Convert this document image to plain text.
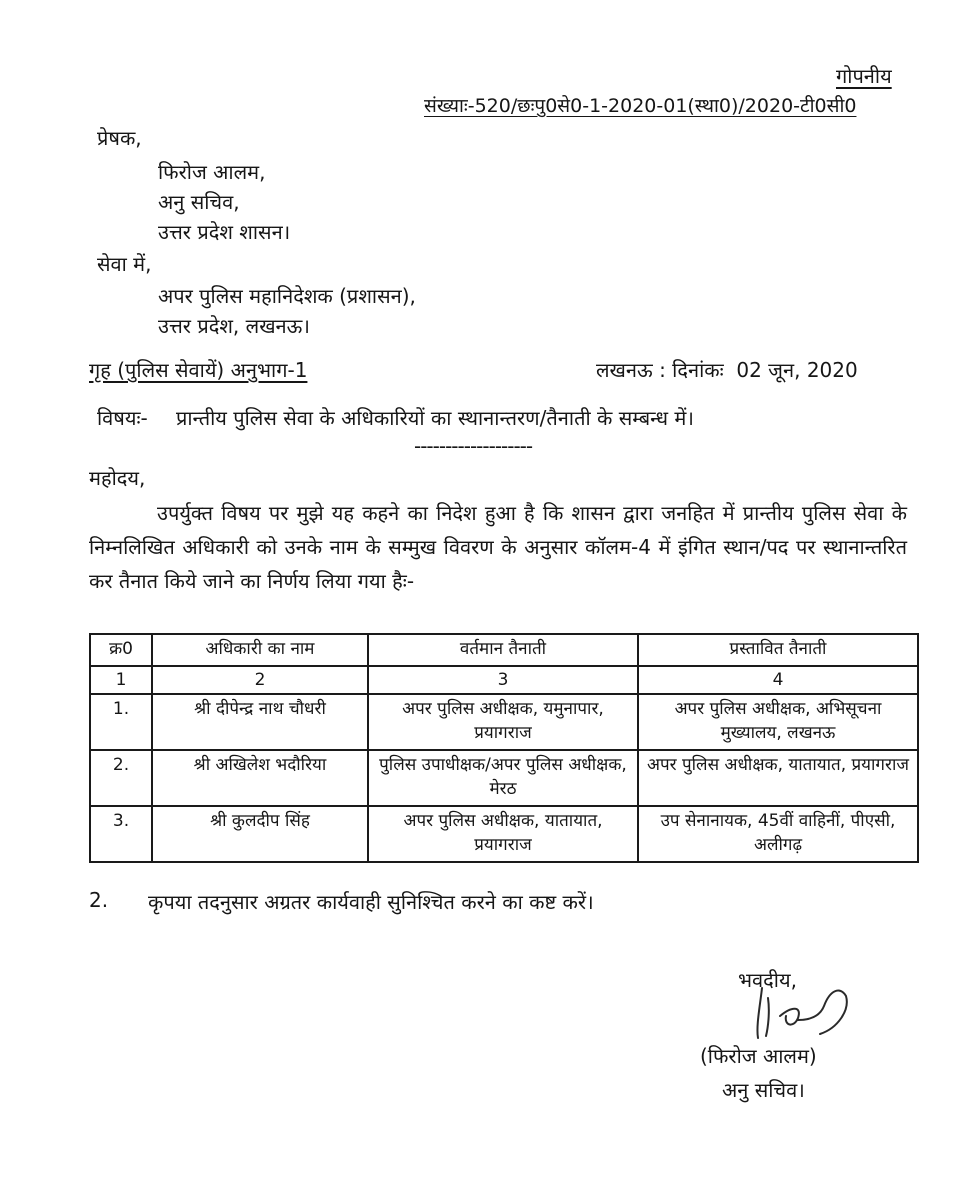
गोपनीय
संख्याः-520/छःपु0से0-1-2020-01(स्था0)/2020-टी0सी0
प्रेषक,
फिरोज आलम,
अनु सचिव,
उत्तर प्रदेश शासन।
सेवा में,
अपर पुलिस महानिदेशक (प्रशासन),
उत्तर प्रदेश, लखनऊ।
गृह (पुलिस सेवायें) अनुभाग-1	लखनऊ : दिनांकः  02 जून, 2020
विषयः- प्रान्तीय पुलिस सेवा के अधिकारियों का स्थानान्तरण/तैनाती के सम्बन्ध में।
-------------------
महोदय,
उपर्युक्त विषय पर मुझे यह कहने का निदेश हुआ है कि शासन द्वारा जनहित में प्रान्तीय पुलिस सेवा के निम्नलिखित अधिकारी को उनके नाम के सम्मुख विवरण के अनुसार कॉलम-4 में इंगित स्थान/पद पर स्थानान्तरित कर तैनात किये जाने का निर्णय लिया गया हैः-
क्र0	अधिकारी का नाम	वर्तमान तैनाती	प्रस्तावित तैनाती
1	2	3	4
1.	श्री दीपेन्द्र नाथ चौधरी	अपर पुलिस अधीक्षक, यमुनापार, प्रयागराज	अपर पुलिस अधीक्षक, अभिसूचना मुख्यालय, लखनऊ
2.	श्री अखिलेश भदौरिया	पुलिस उपाधीक्षक/अपर पुलिस अधीक्षक, मेरठ	अपर पुलिस अधीक्षक, यातायात, प्रयागराज
3.	श्री कुलदीप सिंह	अपर पुलिस अधीक्षक, यातायात, प्रयागराज	उप सेनानायक, 45वीं वाहिनीं, पीएसी, अलीगढ़
2. कृपया तदनुसार अग्रतर कार्यवाही सुनिश्चित करने का कष्ट करें।
भवदीय,
(फिरोज आलम)
अनु सचिव।
